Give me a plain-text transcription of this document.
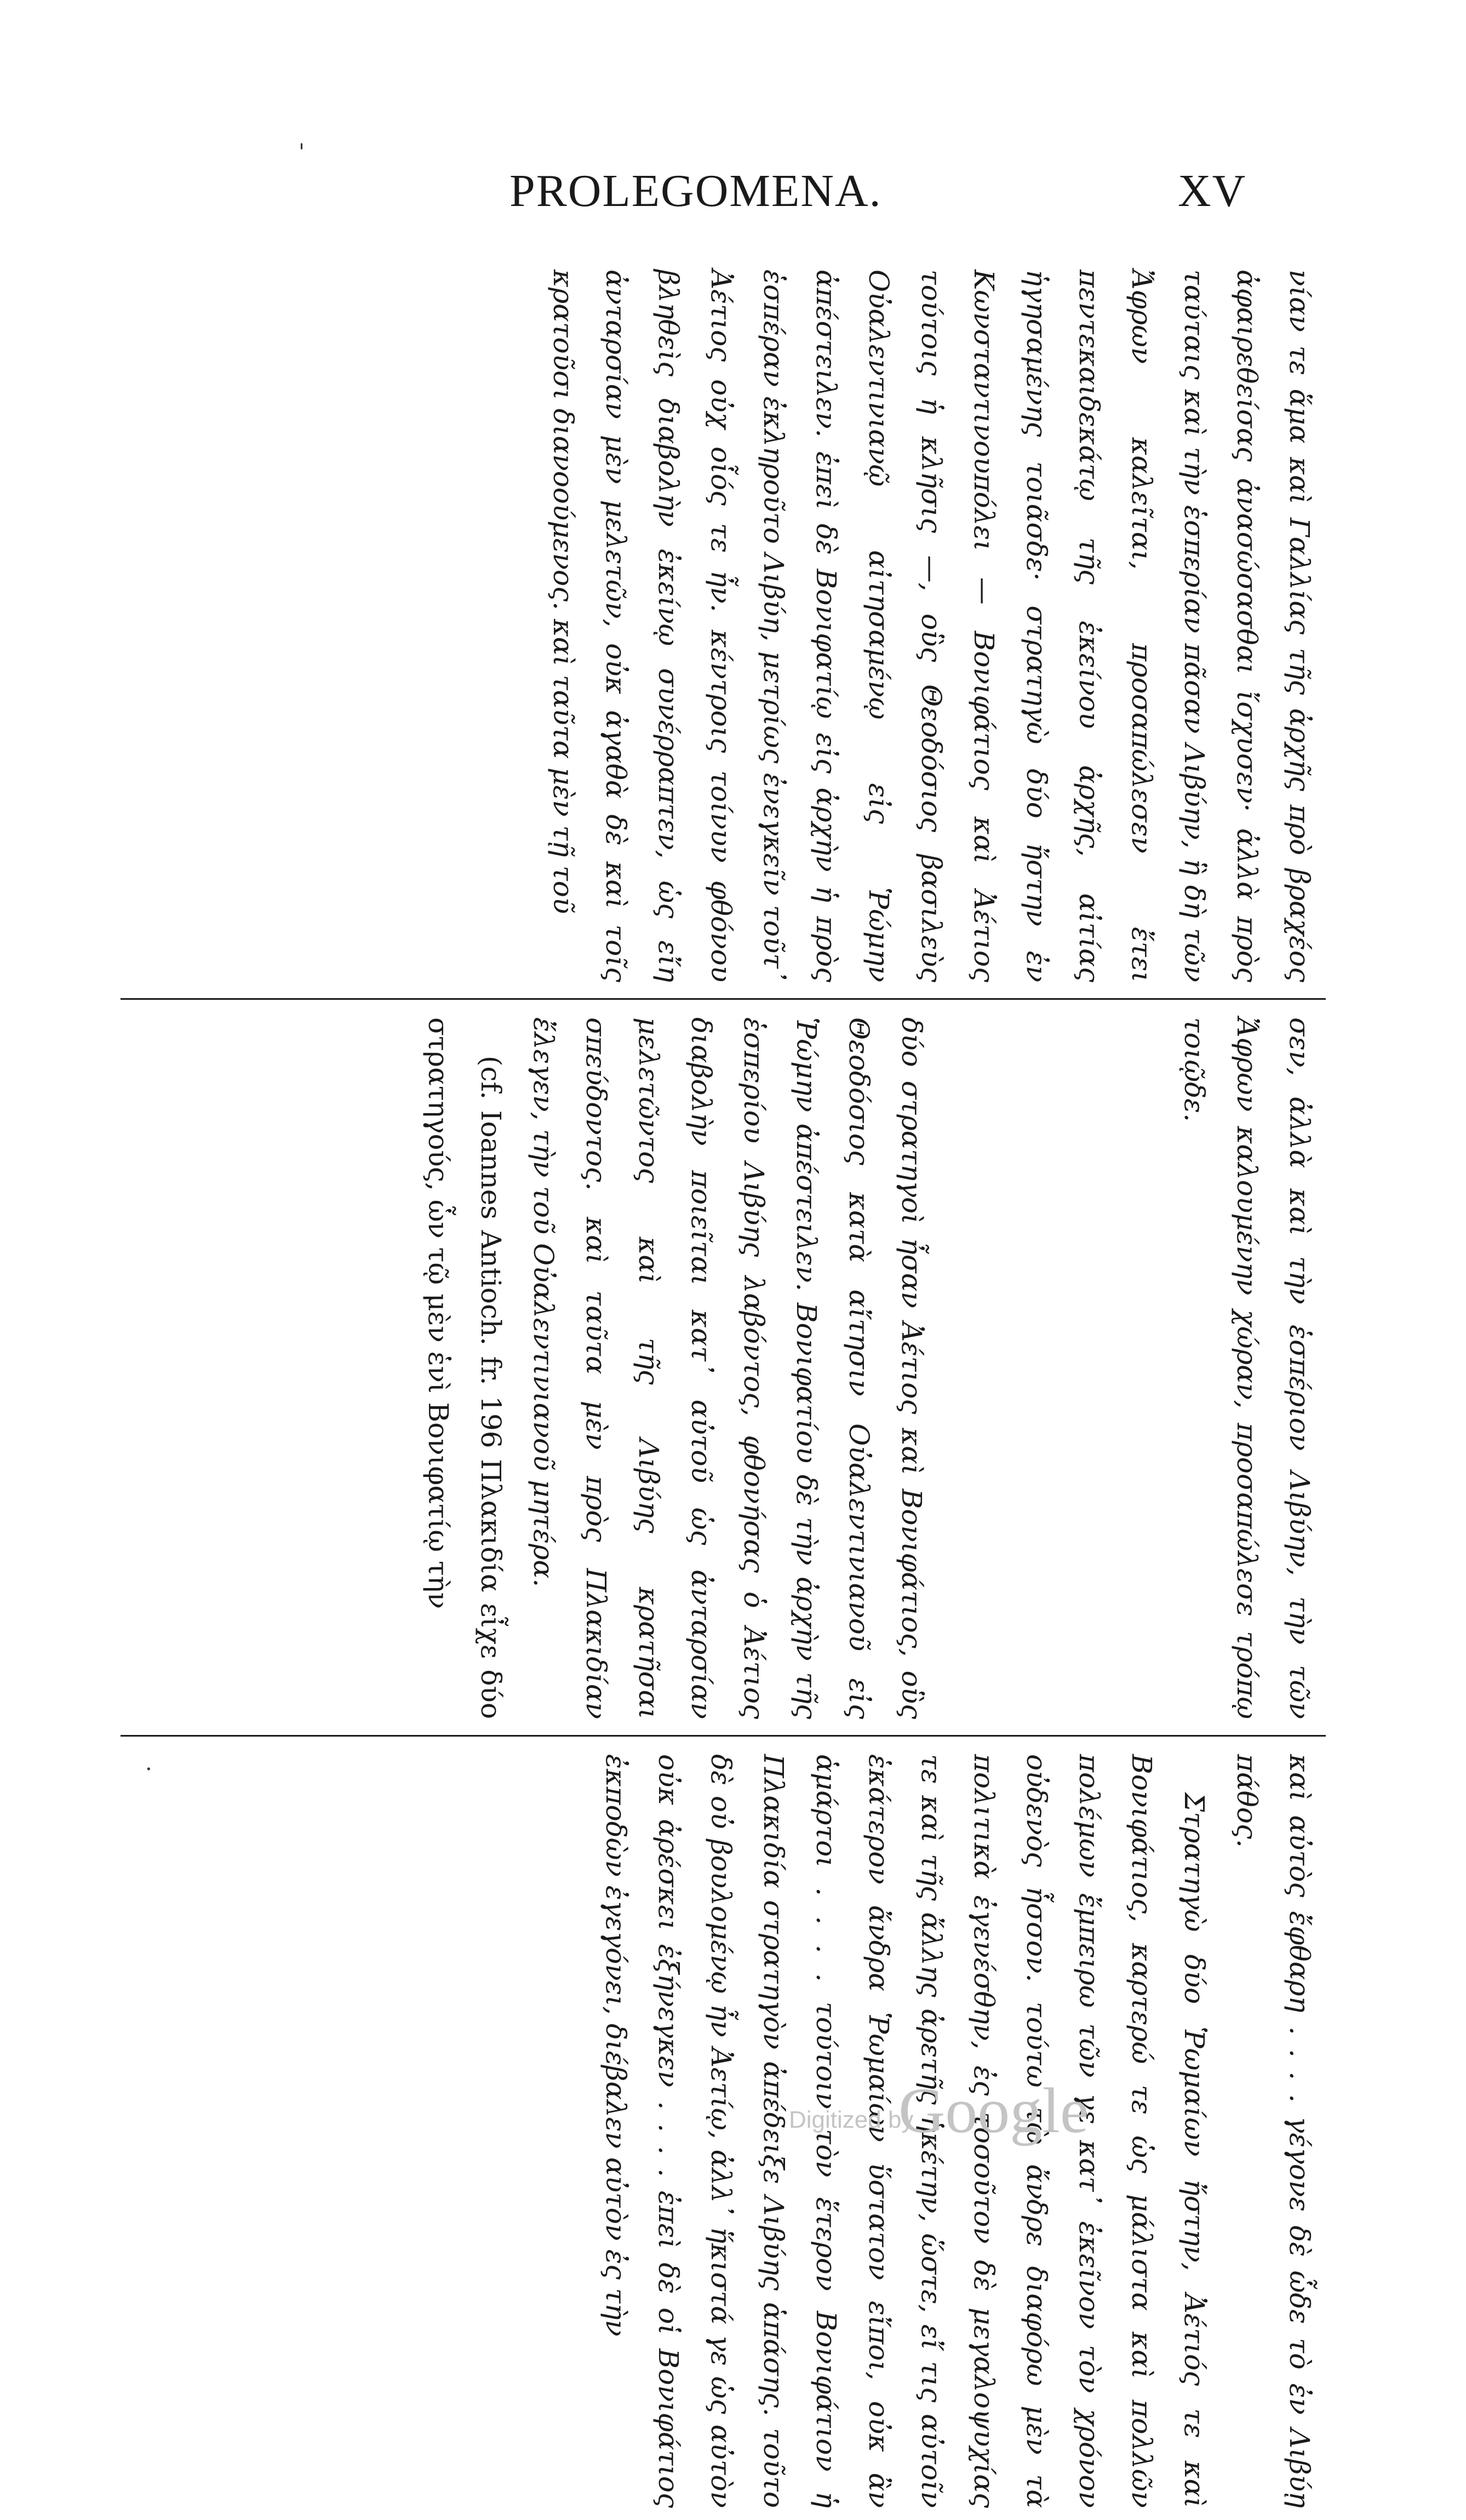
PROLEGOMENA.	XV
'

νίαν τε ἅμα καὶ Γαλλίας τῆς ἀρχῆς πρὸ βραχέος ἀφαιρεθείσας ἀνασώσασθαι ἴσχυσεν· ἀλλὰ πρὸς ταύταις καὶ τὴν ἑσπερίαν πᾶσαν Λιβύην, ἣ δὴ τῶν Ἄφρων καλεῖται, προσαπώλεσεν ἔτει πεντεκαιδεκάτῳ τῆς ἐκείνου ἀρχῆς, αἰτίας ἡγησαμένης τοιᾶσδε· στρατηγὼ δύο ἤστην ἐν Κωνσταντινουπόλει — Βονιφάτιος καὶ Ἀέτιος τούτοις ἡ κλῆσις —, οὓς Θεοδόσιος βασιλεὺς Οὐαλεντινιανῷ αἰτησαμένῳ εἰς Ῥώμην ἀπέστειλεν. ἐπεὶ δὲ Βονιφατίῳ εἰς ἀρχὴν ἡ πρὸς ἑσπέραν ἐκληροῦτο Λιβύη, μετρίως ἐνεγκεῖν τοῦτ᾽ Ἀέτιος οὐχ οἷός τε ἦν. κέντροις τοίνυν φθόνου βληθεὶς διαβολὴν ἐκείνῳ συνέρραπτεν, ὡς εἴη ἀνταρσίαν μὲν μελετῶν, οὐκ ἀγαθὰ δὲ καὶ τοῖς κρατοῦσι διανοούμενος. καὶ ταῦτα μὲν τῇ τοῦ

σεν, ἀλλὰ καὶ τὴν ἑσπέριον Λιβύην, τὴν τῶν Ἄφρων καλουμένην χώραν, προσαπώλεσε τρόπῳ τοιῷδε.

δύο στρατηγοὶ ἦσαν Ἀέτιος καὶ Βονιφάτιος, οὓς Θεοδόσιος κατὰ αἴτησιν Οὐαλεντινιανοῦ εἰς Ῥώμην ἀπέστειλεν. Βονιφατίου δὲ τὴν ἀρχὴν τῆς ἑσπερίου Λιβύης λαβόντος, φθονήσας ὁ Ἀέτιος διαβολὴν ποιεῖται κατ᾽ αὐτοῦ ὡς ἀνταρσίαν μελετῶντος καὶ τῆς Λιβύης κρατῆσαι σπεύδοντος. καὶ ταῦτα μὲν πρὸς Πλακιδίαν ἔλεγεν, τὴν τοῦ Οὐαλεντινιανοῦ μητέρα.

(cf. Ioannes Antioch. fr. 196 Πλακιδία εἶχε δύο στρατηγούς, ὧν τῷ μὲν ἑνὶ Βονιφατίῳ τὴν

καὶ αὐτὸς ἔφθαρη . . . . γέγονε δὲ ὧδε τὸ ἐν Λιβύῃ πάθος.

Στρατηγὼ δύο Ῥωμαίων ἤστην, Ἀέτιός τε καὶ Βονιφάτιος, καρτερώ τε ὡς μάλιστα καὶ πολλῶν πολέμων ἔμπειρω τῶν γε κατ᾽ ἐκεῖνον τὸν χρόνον οὐδενὸς ἧσσον. τούτω τὼ ἄνδρε διαφόρω μὲν τὰ πολιτικὰ ἐγενέσθην, ἐς τοσοῦτον δὲ μεγαλοψυχίας τε καὶ τῆς ἄλλης ἀρετῆς ἡκέτην, ὥστε, εἴ τις αὐτοῖν ἑκάτερον ἄνδρα Ῥωμαίων ὕστατον εἴποι, οὐκ ἂν ἁμάρτοι . . . . τούτοιν τὸν ἕτερον Βονιφάτιον ἡ Πλακιδία στρατηγὸν ἀπέδειξε Λιβύης ἁπάσης. τοῦτο δὲ οὐ βουλομένῳ ἦν Ἀετίῳ, ἀλλ᾽ ἥκιστά γε ὡς αὐτὸν οὐκ ἀρέσκει ἐξήνεγκεν . . . . ἐπεὶ δὲ οἱ Βονιφάτιος ἐκποδὼν ἐγεγόνει, διέβαλεν αὐτὸν ἐς τὴν

.
Digitized by
Google
